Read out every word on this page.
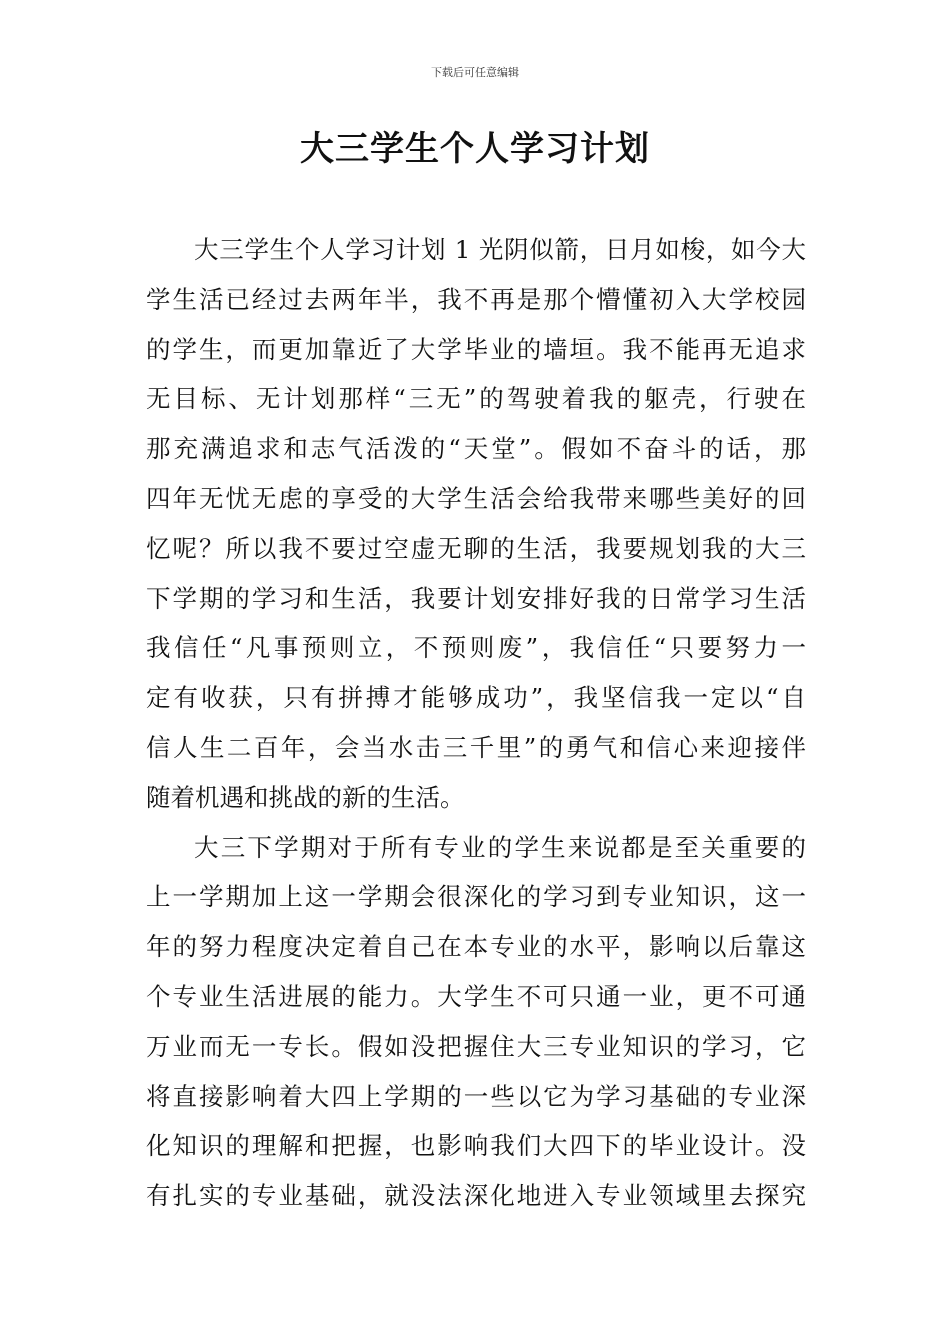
下载后可任意编辑
大三学生个人学习计划
大三学生个人学习计划 1 光阴似箭，日月如梭，如今大
学生活已经过去两年半，我不再是那个懵懂初入大学校园
的学生，而更加靠近了大学毕业的墙垣。我不能再无追求
无目标、无计划那样“三无”的驾驶着我的躯壳，行驶在
那充满追求和志气活泼的“天堂”。假如不奋斗的话，那
四年无忧无虑的享受的大学生活会给我带来哪些美好的回
忆呢？所以我不要过空虚无聊的生活，我要规划我的大三
下学期的学习和生活，我要计划安排好我的日常学习生活
我信任“凡事预则立，不预则废”，我信任“只要努力一
定有收获，只有拼搏才能够成功”，我坚信我一定以“自
信人生二百年，会当水击三千里”的勇气和信心来迎接伴
随着机遇和挑战的新的生活。
大三下学期对于所有专业的学生来说都是至关重要的
上一学期加上这一学期会很深化的学习到专业知识，这一
年的努力程度决定着自己在本专业的水平，影响以后靠这
个专业生活进展的能力。大学生不可只通一业，更不可通
万业而无一专长。假如没把握住大三专业知识的学习，它
将直接影响着大四上学期的一些以它为学习基础的专业深
化知识的理解和把握，也影响我们大四下的毕业设计。没
有扎实的专业基础，就没法深化地进入专业领域里去探究
